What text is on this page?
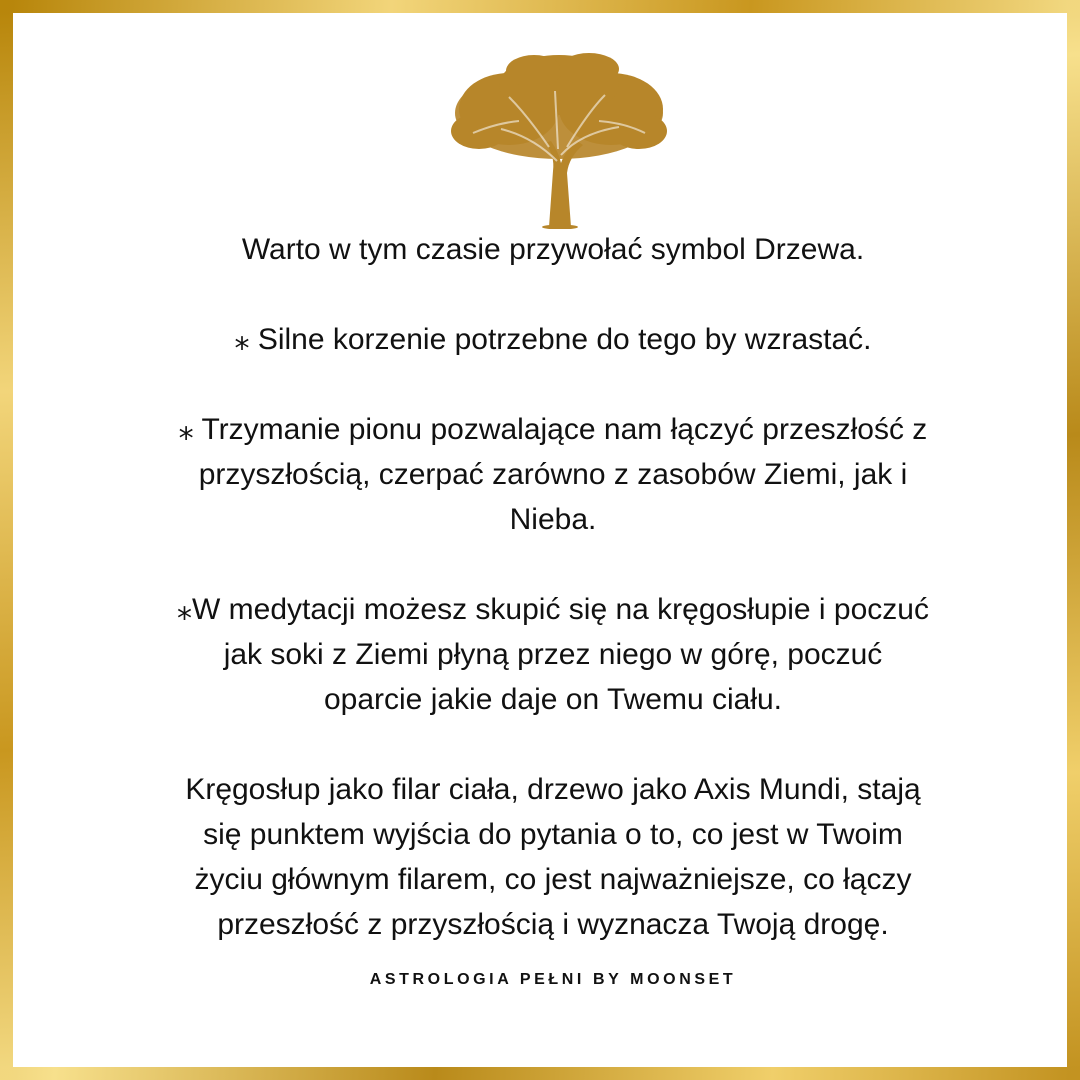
Warto w tym czasie przywołać symbol Drzewa.

⁎ Silne korzenie potrzebne do tego by wzrastać.

⁎ Trzymanie pionu pozwalające nam łączyć przeszłość z

przyszłością, czerpać zarówno z zasobów Ziemi, jak i

Nieba.

⁎W medytacji możesz skupić się na kręgosłupie i poczuć

jak soki z Ziemi płyną przez niego w górę, poczuć

oparcie jakie daje on Twemu ciału.

Kręgosłup jako filar ciała, drzewo jako Axis Mundi, stają

się punktem wyjścia do pytania o to, co jest w Twoim

życiu głównym filarem, co jest najważniejsze, co łączy

przeszłość z przyszłością i wyznacza Twoją drogę.

ASTROLOGIA PEŁNI BY MOONSET
